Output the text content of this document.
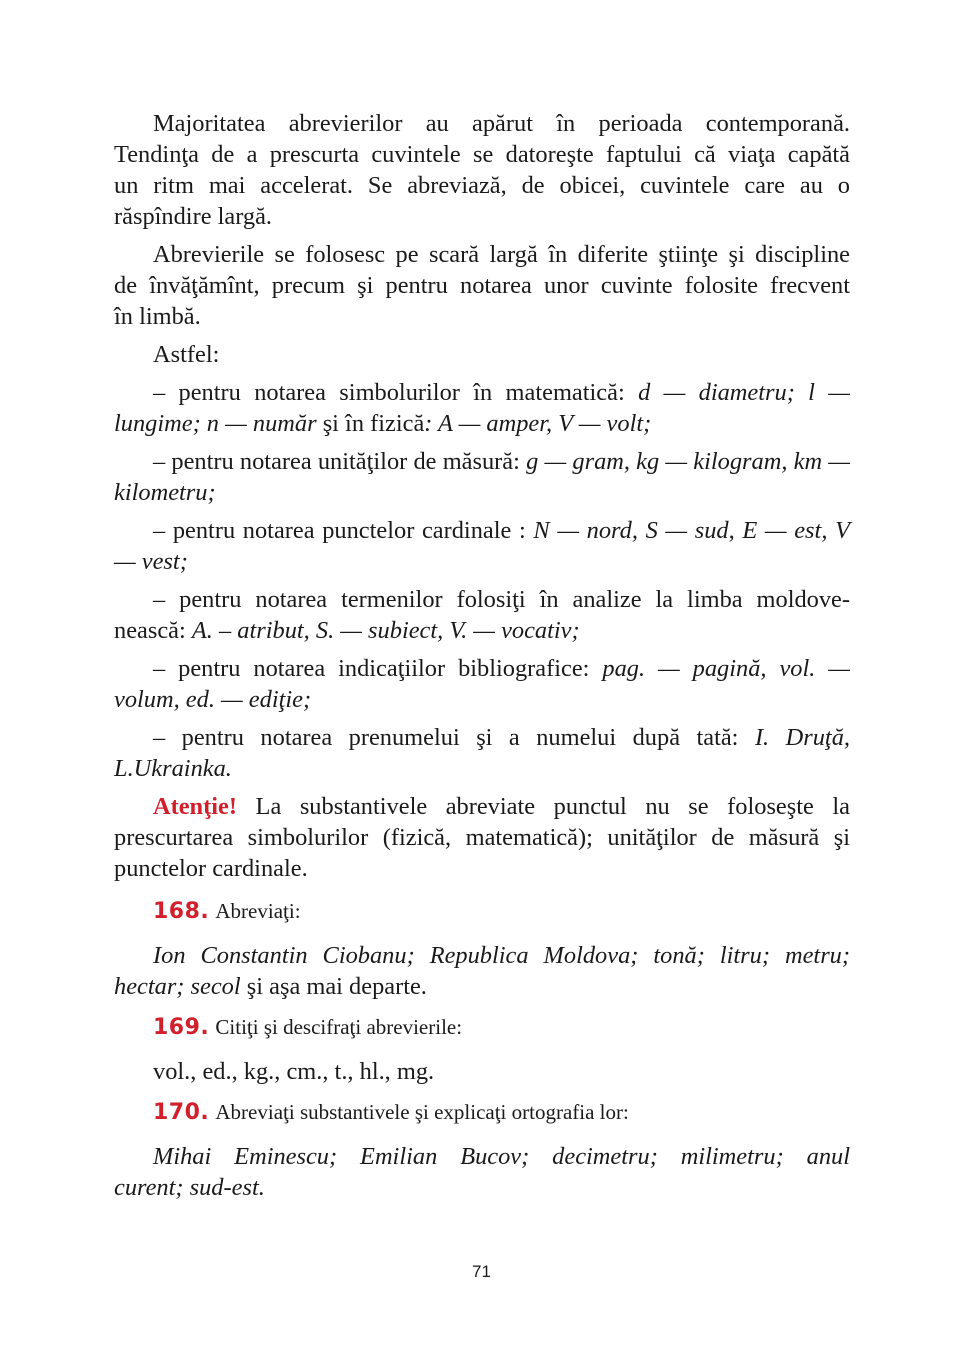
Majoritatea abrevierilor au apărut în perioada contemporană.
Tendinţa de a prescurta cuvintele se datoreşte faptului că viaţa capătă
un ritm mai accelerat. Se abreviază, de obicei, cuvintele care au o
răspîndire largă.
Abrevierile se folosesc pe scară largă în diferite ştiinţe şi discipline
de învăţămînt, precum şi pentru notarea unor cuvinte folosite frecvent
în limbă.

Astfel:

– pentru notarea simbolurilor în matematică: d — diametru; l — lungime; n — număr şi în fizică: A — amper, V — volt;

– pentru notarea unităţilor de măsură: g — gram, kg — kilogram, km — kilometru;

– pentru notarea punctelor cardinale : N — nord, S — sud, E — est, V — vest;

– pentru notarea termenilor folosiţi în analize la limba moldove-
nească: A. – atribut, S. — subiect, V. — vocativ;

– pentru notarea indicaţiilor bibliografice: pag. — pagină, vol. — volum, ed. — ediţie;

– pentru notarea prenumelui şi a numelui după tată: I. Druţă, L.Ukrainka.

Atenţie! La substantivele abreviate punctul nu se foloseşte la
prescurtarea simbolurilor (fizică, matematică); unităţilor de măsură şi
punctelor cardinale.
168. Abreviaţi:
Ion Constantin Ciobanu; Republica Moldova; tonă; litru; metru;
hectar; secol şi aşa mai departe.
169. Citiţi şi descifraţi abrevierile:

vol., ed., kg., cm., t., hl., mg.

170. Abreviaţi substantivele şi explicaţi ortografia lor:
Mihai Eminescu; Emilian Bucov; decimetru; milimetru; anul
curent; sud-est.
71
